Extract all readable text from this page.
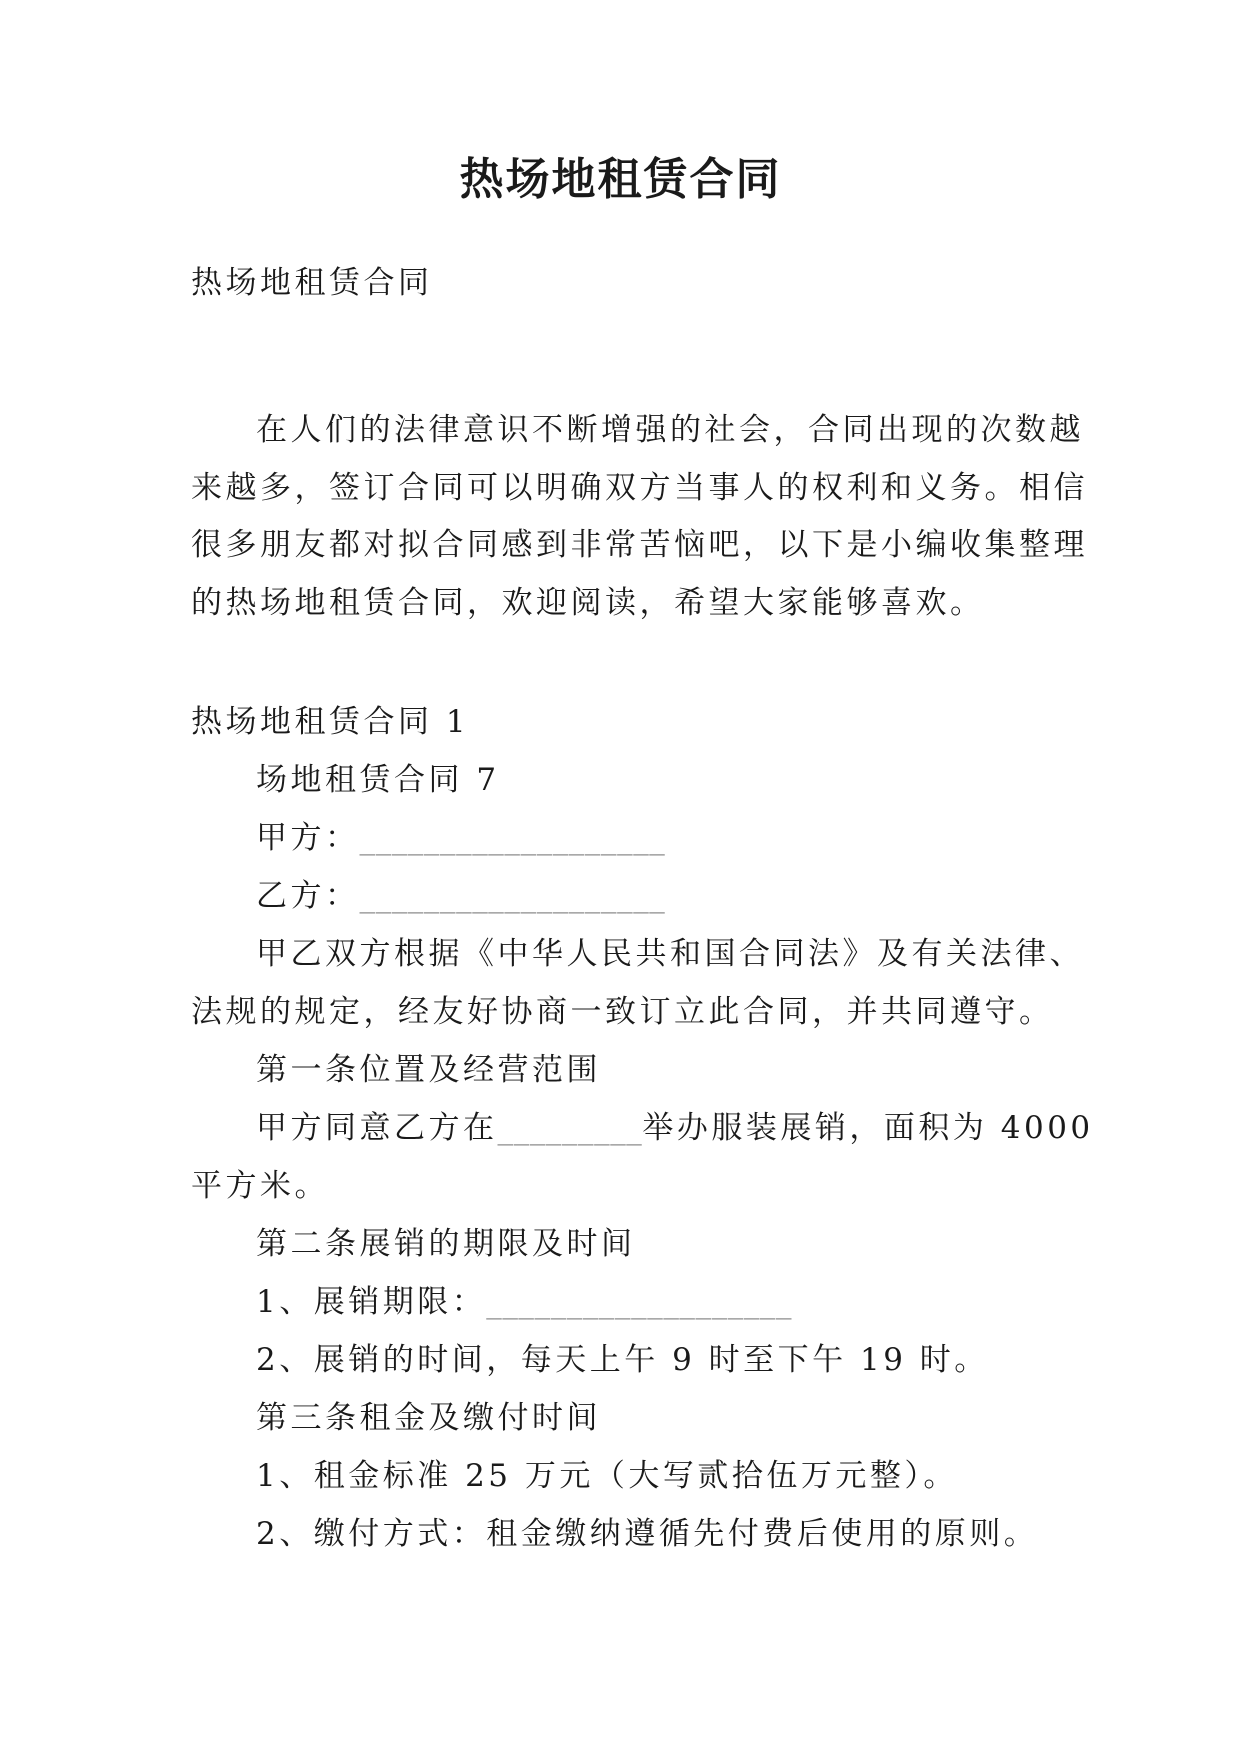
热场地租赁合同
热场地租赁合同
在人们的法律意识不断增强的社会，合同出现的次数越
来越多，签订合同可以明确双方当事人的权利和义务。相信
很多朋友都对拟合同感到非常苦恼吧，以下是小编收集整理
的热场地租赁合同，欢迎阅读，希望大家能够喜欢。
热场地租赁合同 1
场地租赁合同 7
甲方：___________________
乙方：___________________
甲乙双方根据《中华人民共和国合同法》及有关法律、
法规的规定，经友好协商一致订立此合同，并共同遵守。
第一条位置及经营范围
甲方同意乙方在_________举办服装展销，面积为 4000
平方米。
第二条展销的期限及时间
1、展销期限：___________________
2、展销的时间，每天上午 9 时至下午 19 时。
第三条租金及缴付时间
1、租金标准 25 万元（大写贰拾伍万元整）。
2、缴付方式：租金缴纳遵循先付费后使用的原则。
